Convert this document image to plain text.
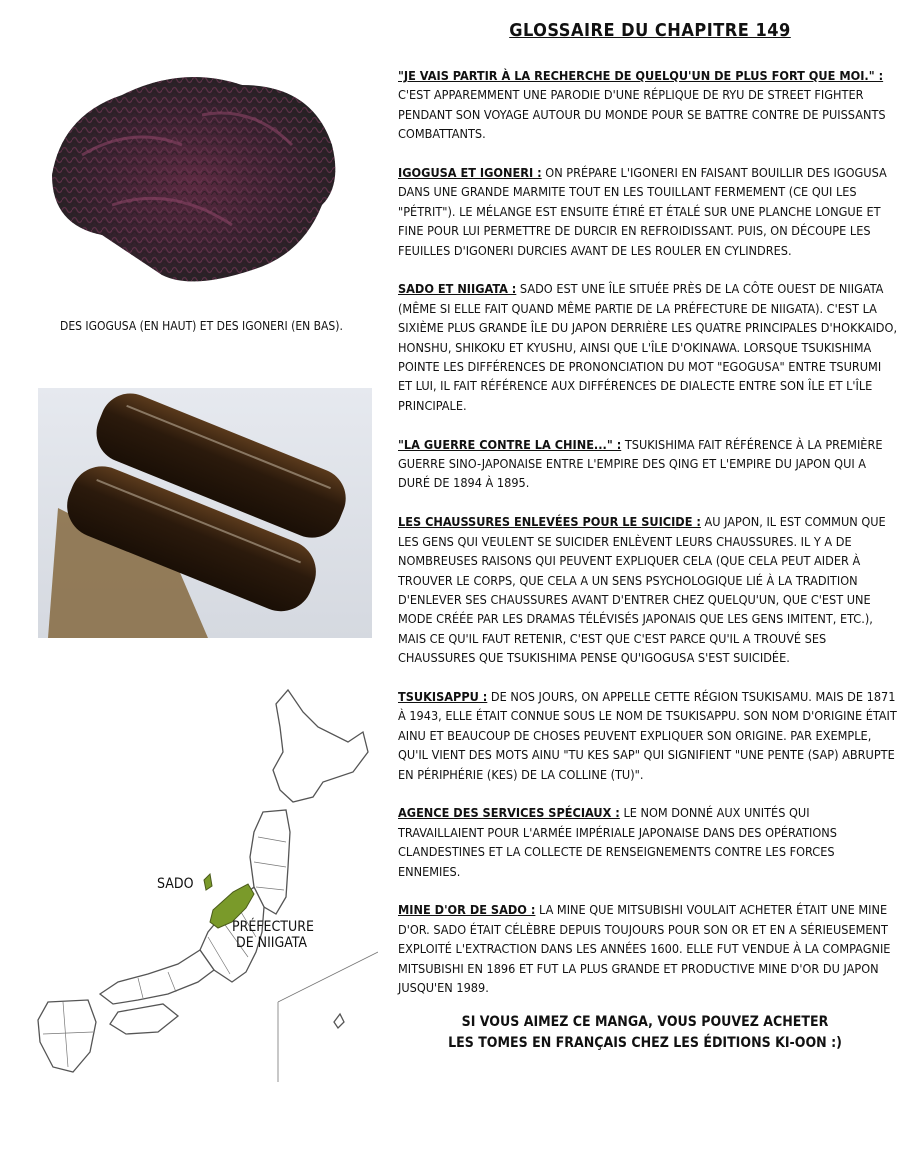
GLOSSAIRE DU CHAPITRE 149
DES IGOGUSA (EN HAUT) ET DES IGONERI (EN BAS).
SADO
PRÉFECTURE
DE NIIGATA
"JE VAIS PARTIR À LA RECHERCHE DE QUELQU'UN DE PLUS FORT QUE MOI." : C'EST APPAREMMENT UNE PARODIE D'UNE RÉPLIQUE DE RYU DE STREET FIGHTER PENDANT SON VOYAGE AUTOUR DU MONDE POUR SE BATTRE CONTRE DE PUISSANTS COMBATTANTS.
IGOGUSA ET IGONERI : ON PRÉPARE L'IGONERI EN FAISANT BOUILLIR DES IGOGUSA DANS UNE GRANDE MARMITE TOUT EN LES TOUILLANT FERMEMENT (CE QUI LES "PÉTRIT"). LE MÉLANGE EST ENSUITE ÉTIRÉ ET ÉTALÉ SUR UNE PLANCHE LONGUE ET FINE POUR LUI PERMETTRE DE DURCIR EN REFROIDISSANT. PUIS, ON DÉCOUPE LES FEUILLES D'IGONERI DURCIES AVANT DE LES ROULER EN CYLINDRES.
SADO ET NIIGATA : SADO EST UNE ÎLE SITUÉE PRÈS DE LA CÔTE OUEST DE NIIGATA (MÊME SI ELLE FAIT QUAND MÊME PARTIE DE LA PRÉFECTURE DE NIIGATA). C'EST LA SIXIÈME PLUS GRANDE ÎLE DU JAPON DERRIÈRE LES QUATRE PRINCIPALES D'HOKKAIDO, HONSHU, SHIKOKU ET KYUSHU, AINSI QUE L'ÎLE D'OKINAWA. LORSQUE TSUKISHIMA POINTE LES DIFFÉRENCES DE PRONONCIATION DU MOT "EGOGUSA" ENTRE TSURUMI ET LUI, IL FAIT RÉFÉRENCE AUX DIFFÉRENCES DE DIALECTE ENTRE SON ÎLE ET L'ÎLE PRINCIPALE.
"LA GUERRE CONTRE LA CHINE..." : TSUKISHIMA FAIT RÉFÉRENCE À LA PREMIÈRE GUERRE SINO-JAPONAISE ENTRE L'EMPIRE DES QING ET L'EMPIRE DU JAPON QUI A DURÉ DE 1894 À 1895.
LES CHAUSSURES ENLEVÉES POUR LE SUICIDE : AU JAPON, IL EST COMMUN QUE LES GENS QUI VEULENT SE SUICIDER ENLÈVENT LEURS CHAUSSURES. IL Y A DE NOMBREUSES RAISONS QUI PEUVENT EXPLIQUER CELA (QUE CELA PEUT AIDER À TROUVER LE CORPS, QUE CELA A UN SENS PSYCHOLOGIQUE LIÉ À LA TRADITION D'ENLEVER SES CHAUSSURES AVANT D'ENTRER CHEZ QUELQU'UN, QUE C'EST UNE MODE CRÉÉE PAR LES DRAMAS TÉLÉVISÉS JAPONAIS QUE LES GENS IMITENT, ETC.), MAIS CE QU'IL FAUT RETENIR, C'EST QUE C'EST PARCE QU'IL A TROUVÉ SES CHAUSSURES QUE TSUKISHIMA PENSE QU'IGOGUSA S'EST SUICIDÉE.
TSUKISAPPU : DE NOS JOURS, ON APPELLE CETTE RÉGION TSUKISAMU. MAIS DE 1871 À 1943, ELLE ÉTAIT CONNUE SOUS LE NOM DE TSUKISAPPU. SON NOM D'ORIGINE ÉTAIT AINU ET BEAUCOUP DE CHOSES PEUVENT EXPLIQUER SON ORIGINE. PAR EXEMPLE, QU'IL VIENT DES MOTS AINU "TU KES SAP" QUI SIGNIFIENT "UNE PENTE (SAP) ABRUPTE EN PÉRIPHÉRIE (KES) DE LA COLLINE (TU)".
AGENCE DES SERVICES SPÉCIAUX : LE NOM DONNÉ AUX UNITÉS QUI TRAVAILLAIENT POUR L'ARMÉE IMPÉRIALE JAPONAISE DANS DES OPÉRATIONS CLANDESTINES ET LA COLLECTE DE RENSEIGNEMENTS CONTRE LES FORCES ENNEMIES.
MINE D'OR DE SADO : LA MINE QUE MITSUBISHI VOULAIT ACHETER ÉTAIT UNE MINE D'OR. SADO ÉTAIT CÉLÈBRE DEPUIS TOUJOURS POUR SON OR ET EN A SÉRIEUSEMENT EXPLOITÉ L'EXTRACTION DANS LES ANNÉES 1600. ELLE FUT VENDUE À LA COMPAGNIE MITSUBISHI EN 1896 ET FUT LA PLUS GRANDE ET PRODUCTIVE MINE D'OR DU JAPON JUSQU'EN 1989.
SI VOUS AIMEZ CE MANGA, VOUS POUVEZ ACHETER
LES TOMES EN FRANÇAIS CHEZ LES ÉDITIONS KI-OON :)
